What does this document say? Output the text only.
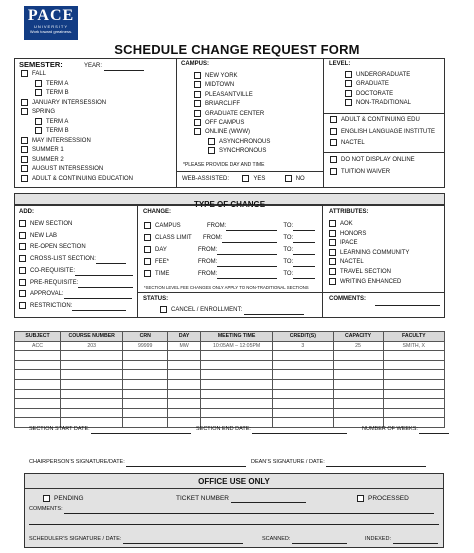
PACE
UNIVERSITY
Work toward greatness.
SCHEDULE CHANGE REQUEST FORM
SEMESTER:	YEAR:
FALL
TERM A
TERM B
JANUARY INTERSESSION
SPRING
TERM A
TERM B
MAY INTERSESSION
SUMMER 1
SUMMER 2
AUGUST INTERSESSION
ADULT & CONTINUING EDUCATION
CAMPUS:
NEW YORK
MIDTOWN
PLEASANTVILLE
BRIARCLIFF
GRADUATE CENTER
OFF CAMPUS
ONLINE (WWW)
ASYNCHRONOUS
SYNCHRONOUS
*PLEASE PROVIDE DAY AND TIME
WEB-ASSISTED:	YES	NO
LEVEL:
UNDERGRADUATE
GRADUATE
DOCTORATE
NON-TRADITIONAL
ADULT & CONTINUING EDU
ENGLISH LANGUAGE INSTITUTE
NACTEL
DO NOT DISPLAY ONLINE
TUITION WAIVER
TYPE OF CHANGE
ADD:
NEW SECTION
NEW LAB
RE-OPEN SECTION
CROSS-LIST SECTION:
CO-REQUISITE:
PRE-REQUISITE:
APPROVAL:
RESTRICTION:
CHANGE:
CAMPUS	FROM:	TO:
CLASS LIMIT FROM:	TO:
DAY	FROM:	TO:
FEE*	FROM:	TO:
TIME	FROM:	TO:
*SECTION LEVEL FEE CHANGES ONLY APPLY TO NON-TRADITIONAL SECTIONS
ATTRIBUTES:
AOK
HONORS
IPACE
LEARNING COMMUNITY
NACTEL
TRAVEL SECTION
WRITING ENHANCED
STATUS:
CANCEL / ENROLLMENT:
COMMENTS:
SUBJECT	COURSE NUMBER	CRN	DAY	MEETING TIME	CREDIT(S)	CAPACITY	FACULTY
ACC	203	99999	MW	10:05AM – 12:05PM	3	25	SMITH, X

SECTION START DATE:	SECTION END DATE:	NUMBER OF WEEKS:
CHAIRPERSON’S SIGNATURE/DATE:	DEAN’S SIGNATURE / DATE:
OFFICE USE ONLY
PENDING	TICKET NUMBER	PROCESSED
COMMENTS:
SCHEDULER’S SIGNATURE / DATE:	SCANNED:	INDEXED:
